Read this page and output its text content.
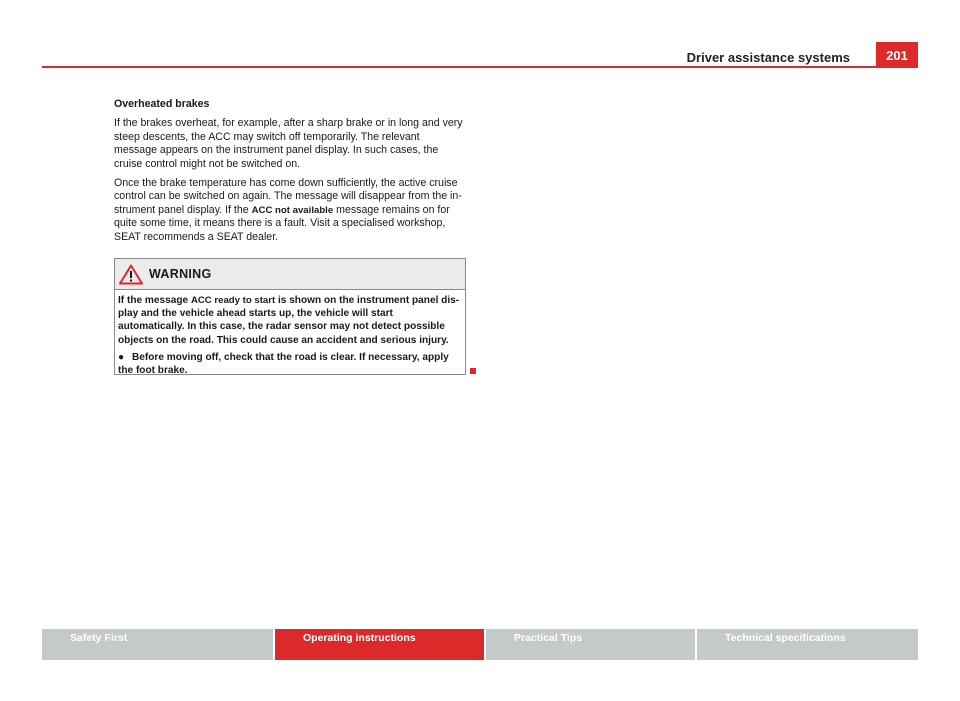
Driver assistance systems	201

Overheated brakes

If the brakes overheat, for example, after a sharp brake or in long and very steep descents, the ACC may switch off temporarily. The relevant message appears on the instrument panel display. In such cases, the cruise control might not be switched on.

Once the brake temperature has come down sufficiently, the active cruise control can be switched on again. The message will disappear from the in-strument panel display. If the ACC not available message remains on for quite some time, it means there is a fault. Visit a specialised workshop, SEAT recommends a SEAT dealer.

WARNING

If the message ACC ready to start is shown on the instrument panel dis-play and the vehicle ahead starts up, the vehicle will start automatically. In this case, the radar sensor may not detect possible objects on the road. This could cause an accident and serious injury.

● Before moving off, check that the road is clear. If necessary, apply the foot brake.

Safety First	Operating instructions	Practical Tips	Technical specifications
